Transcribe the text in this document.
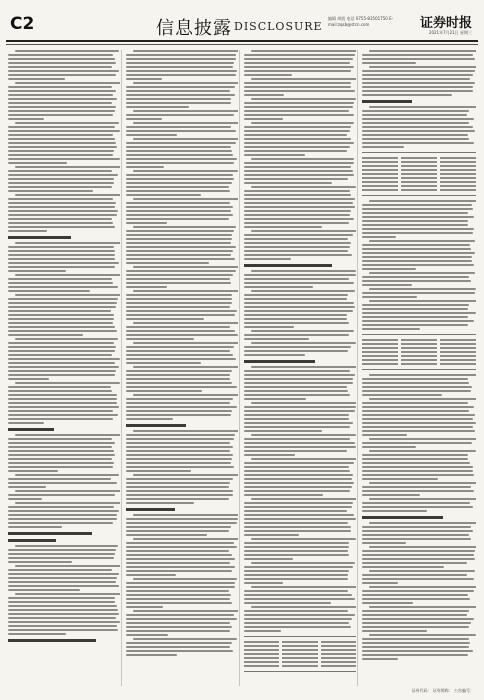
C2	信息披露 DISCLOSURE
编辑 周凯 电话 0755-83501750 E-mail:zqsb@stcn.com	证券时报
2021年7月21日 星期三
证券代码： 证券简称： 公告编号：
